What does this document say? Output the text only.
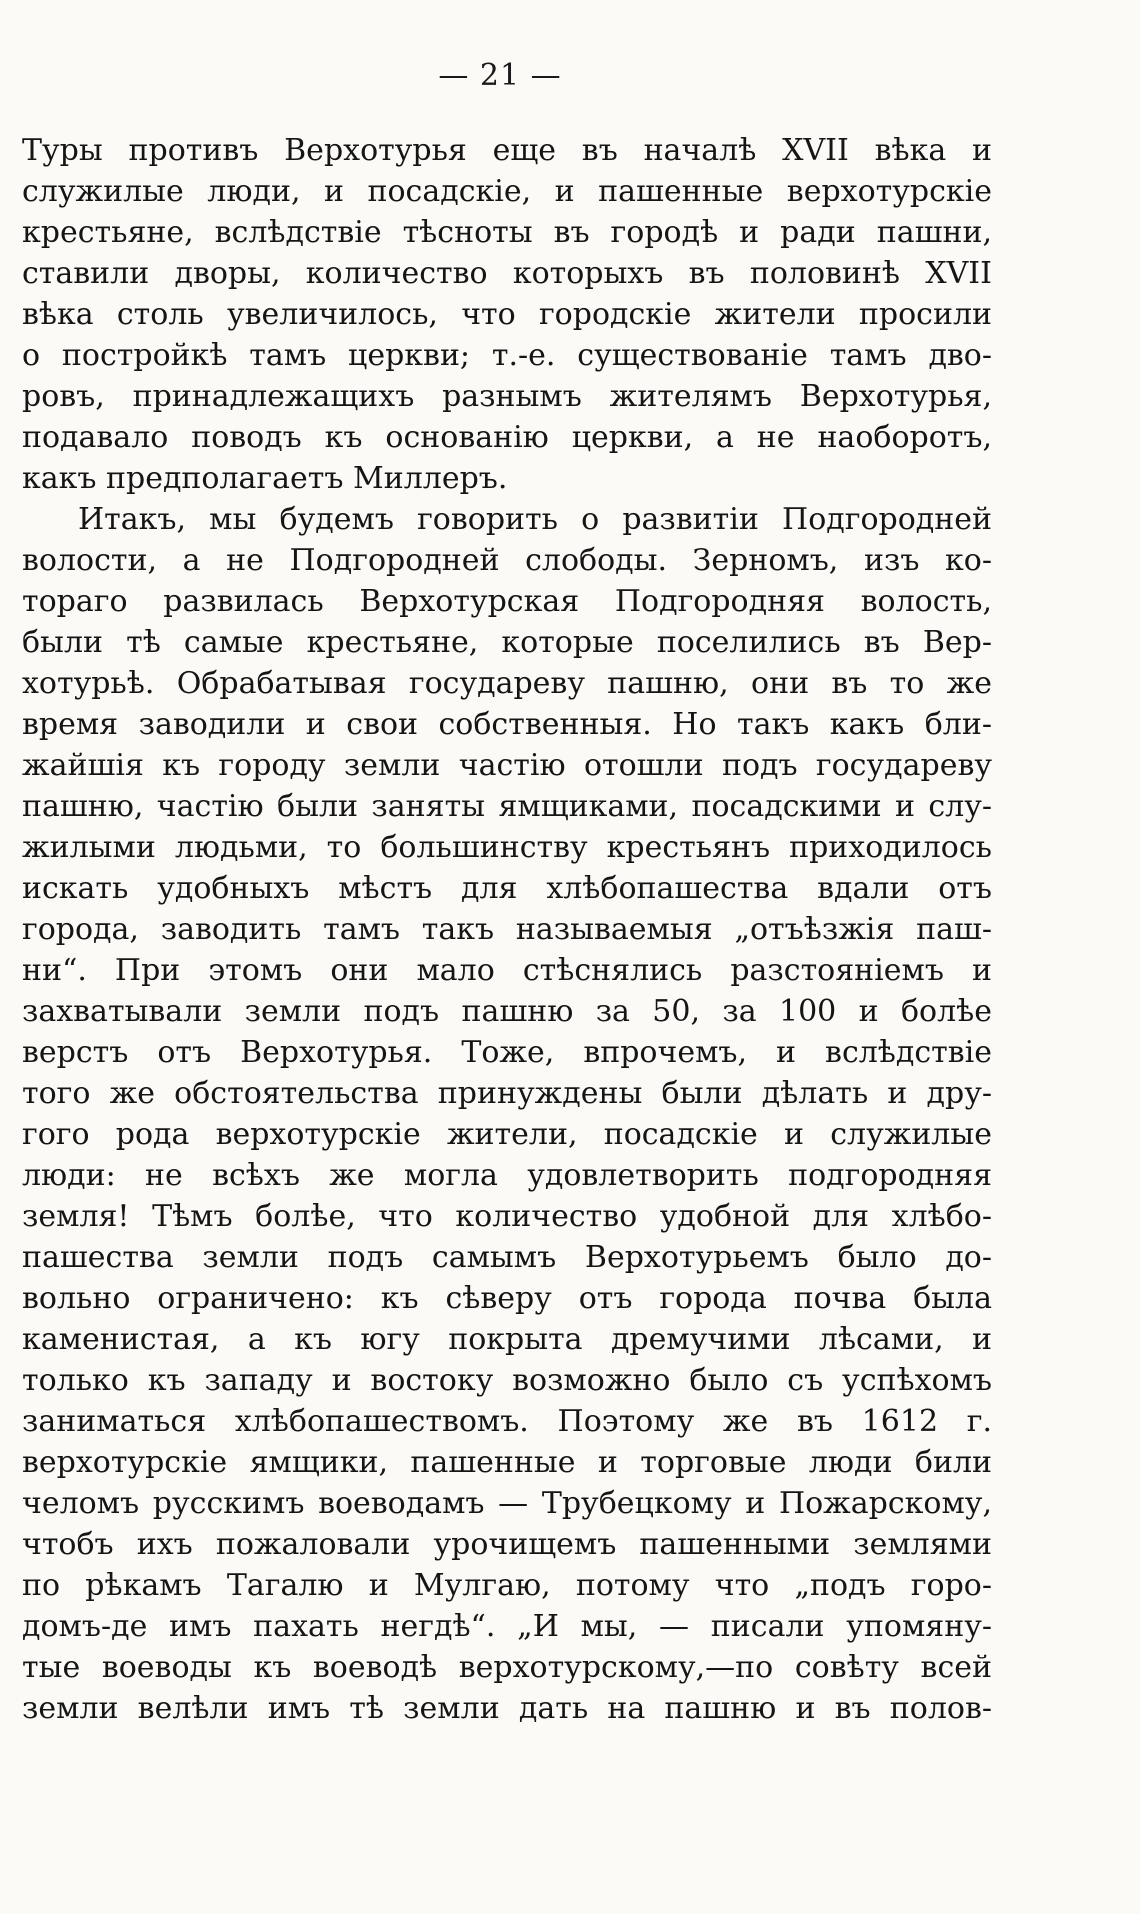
— 21 —
Туры противъ Верхотурья еще въ началѣ XVII вѣка и
служилые люди, и посадскіе, и пашенные верхотурскіе
крестьяне, вслѣдствіе тѣсноты въ городѣ и ради пашни,
ставили дворы, количество которыхъ въ половинѣ XVII
вѣка столь увеличилось, что городскіе жители просили
о постройкѣ тамъ церкви; т.-е. существованіе тамъ дво-
ровъ, принадлежащихъ разнымъ жителямъ Верхотурья,
подавало поводъ къ основанію церкви, а не наоборотъ,
какъ предполагаетъ Миллеръ.
Итакъ, мы будемъ говорить о развитіи Подгородней
волости, а не Подгородней слободы. Зерномъ, изъ ко-
тораго развилась Верхотурская Подгородняя волость,
были тѣ самые крестьяне, которые поселились въ Вер-
хотурьѣ. Обрабатывая государеву пашню, они въ то же
время заводили и свои собственныя. Но такъ какъ бли-
жайшія къ городу земли частію отошли подъ государеву
пашню, частію были заняты ямщиками, посадскими и слу-
жилыми людьми, то большинству крестьянъ приходилось
искать удобныхъ мѣстъ для хлѣбопашества вдали отъ
города, заводить тамъ такъ называемыя „отъѣзжія паш-
ни“. При этомъ они мало стѣснялись разстояніемъ и
захватывали земли подъ пашню за 50, за 100 и болѣе
верстъ отъ Верхотурья. Тоже, впрочемъ, и вслѣдствіе
того же обстоятельства принуждены были дѣлать и дру-
гого рода верхотурскіе жители, посадскіе и служилые
люди: не всѣхъ же могла удовлетворить подгородняя
земля! Тѣмъ болѣе, что количество удобной для хлѣбо-
пашества земли подъ самымъ Верхотурьемъ было до-
вольно ограничено: къ сѣверу отъ города почва была
каменистая, а къ югу покрыта дремучими лѣсами, и
только къ западу и востоку возможно было съ успѣхомъ
заниматься хлѣбопашествомъ. Поэтому же въ 1612 г.
верхотурскіе ямщики, пашенные и торговые люди били
челомъ русскимъ воеводамъ — Трубецкому и Пожарскому,
чтобъ ихъ пожаловали урочищемъ пашенными землями
по рѣкамъ Тагалю и Мулгаю, потому что „подъ горо-
домъ-де имъ пахать негдѣ“. „И мы, — писали упомяну-
тые воеводы къ воеводѣ верхотурскому,—по совѣту всей
земли велѣли имъ тѣ земли дать на пашню и въ полов-
